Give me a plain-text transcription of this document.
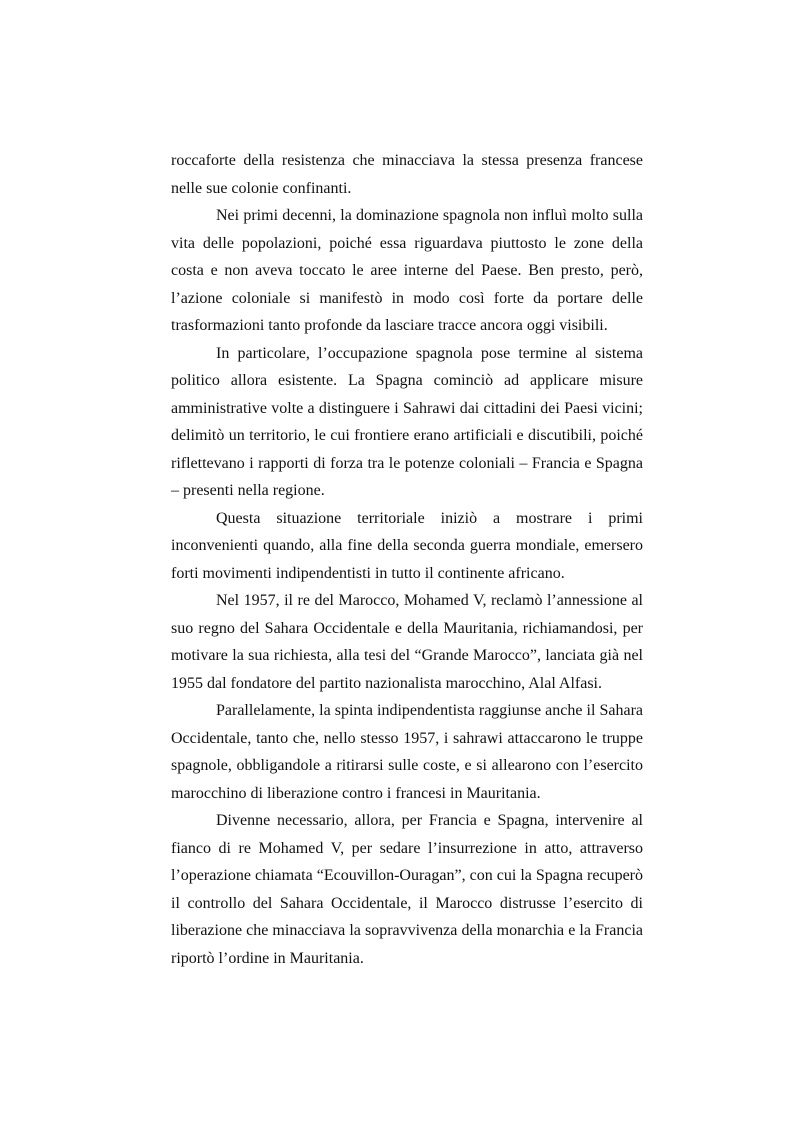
roccaforte della resistenza che minacciava la stessa presenza francese nelle sue colonie confinanti.

Nei primi decenni, la dominazione spagnola non influì molto sulla vita delle popolazioni, poiché essa riguardava piuttosto le zone della costa e non aveva toccato le aree interne del Paese. Ben presto, però, l’azione coloniale si manifestò in modo così forte da portare delle trasformazioni tanto profonde da lasciare tracce ancora oggi visibili.

In particolare, l’occupazione spagnola pose termine al sistema politico allora esistente. La Spagna cominciò ad applicare misure amministrative volte a distinguere i Sahrawi dai cittadini dei Paesi vicini; delimitò un territorio, le cui frontiere erano artificiali e discutibili, poiché riflettevano i rapporti di forza tra le potenze coloniali – Francia e Spagna – presenti nella regione.

Questa situazione territoriale iniziò a mostrare i primi inconvenienti quando, alla fine della seconda guerra mondiale, emersero forti movimenti indipendentisti in tutto il continente africano.

Nel 1957, il re del Marocco, Mohamed V, reclamò l’annessione al suo regno del Sahara Occidentale e della Mauritania, richiamandosi, per motivare la sua richiesta, alla tesi del “Grande Marocco”, lanciata già nel 1955 dal fondatore del partito nazionalista marocchino, Alal Alfasi.

Parallelamente, la spinta indipendentista raggiunse anche il Sahara Occidentale, tanto che, nello stesso 1957, i sahrawi attaccarono le truppe spagnole, obbligandole a ritirarsi sulle coste, e si allearono con l’esercito marocchino di liberazione contro i francesi in Mauritania.

Divenne necessario, allora, per Francia e Spagna, intervenire al fianco di re Mohamed V, per sedare l’insurrezione in atto, attraverso l’operazione chiamata “Ecouvillon-Ouragan”, con cui la Spagna recuperò il controllo del Sahara Occidentale, il Marocco distrusse l’esercito di liberazione che minacciava la sopravvivenza della monarchia e la Francia riportò l’ordine in Mauritania.
